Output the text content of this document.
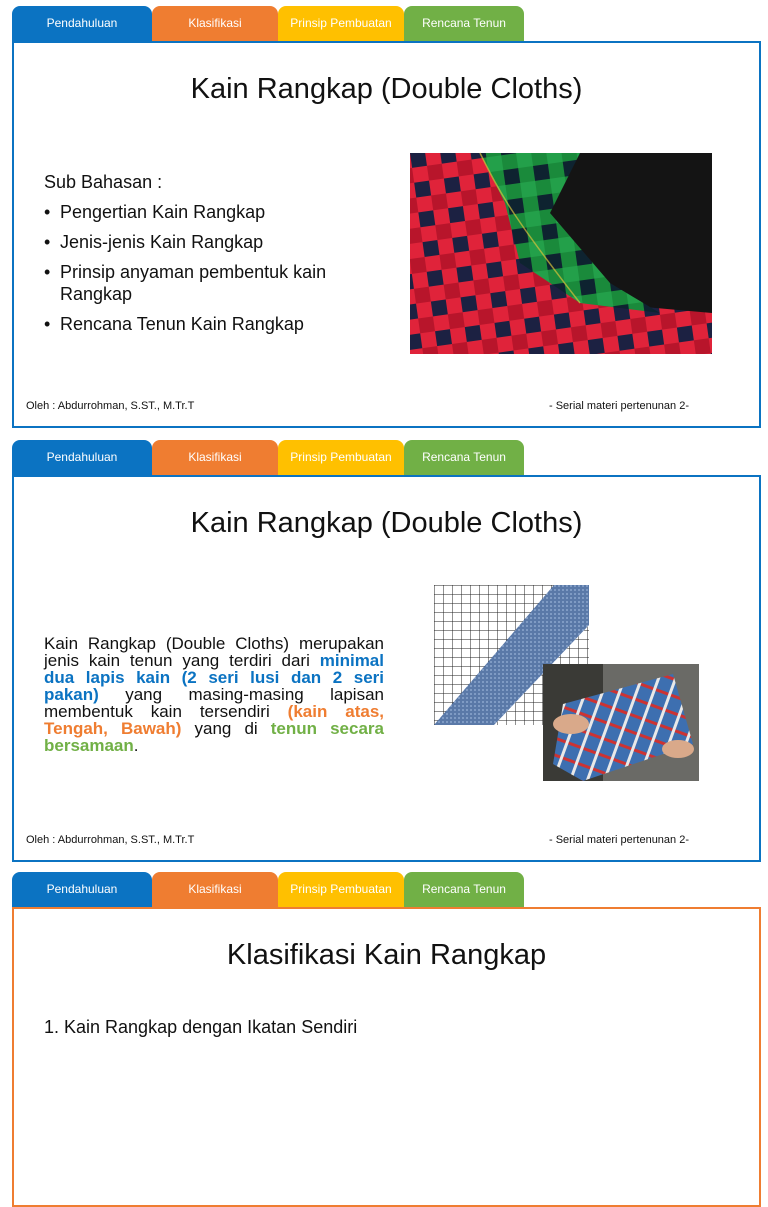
Pendahuluan	Klasifikasi	Prinsip Pembuatan	Rencana Tenun
Kain Rangkap (Double Cloths)
Sub Bahasan :
• Pengertian Kain Rangkap
• Jenis-jenis Kain Rangkap
• Prinsip anyaman pembentuk kain Rangkap
• Rencana Tenun Kain Rangkap
Oleh : Abdurrohman, S.ST., M.Tr.T	- Serial materi pertenunan 2-
Pendahuluan	Klasifikasi	Prinsip Pembuatan	Rencana Tenun
Kain Rangkap (Double Cloths)
Kain Rangkap (Double Cloths) merupakan jenis kain tenun yang terdiri dari minimal dua lapis kain (2 seri lusi dan 2 seri pakan) yang masing-masing lapisan membentuk kain tersendiri (kain atas, Tengah, Bawah) yang di tenun secara bersamaan.
Oleh : Abdurrohman, S.ST., M.Tr.T	- Serial materi pertenunan 2-
Pendahuluan	Klasifikasi	Prinsip Pembuatan	Rencana Tenun
Klasifikasi Kain Rangkap
1. Kain Rangkap dengan Ikatan Sendiri
